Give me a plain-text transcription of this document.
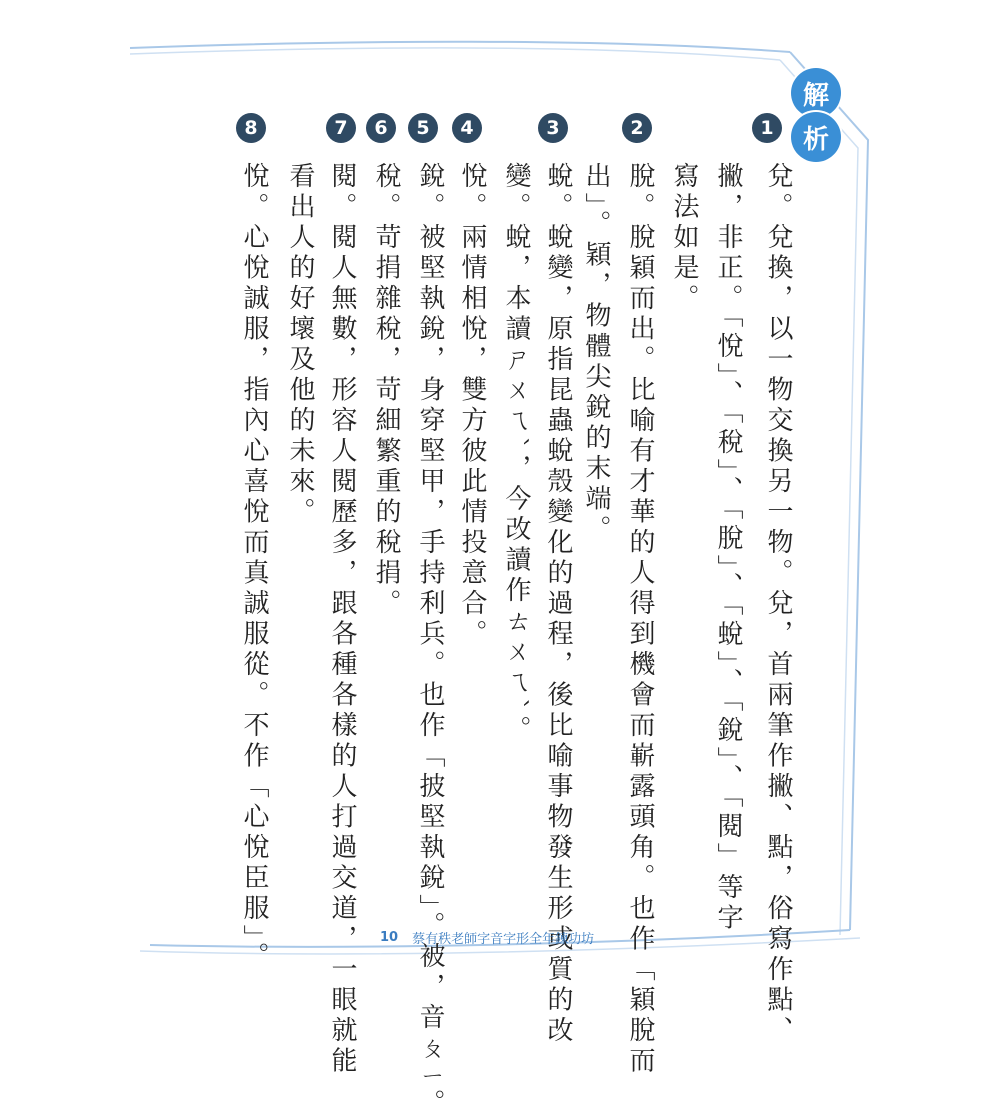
解
析
1
兌。兌換，以一物交換另一物。兌，首兩筆作撇、點，俗寫作點、
撇，非正。「悅」、「稅」、「脫」、「蛻」、「銳」、「閱」等字
寫法如是。
2
脫。脫穎而出。比喻有才華的人得到機會而嶄露頭角。也作「穎脫而
出」。穎，物體尖銳的末端。
3
蛻。蛻變，原指昆蟲蛻殼變化的過程，後比喻事物發生形或質的改
變。蛻，本讀ㄕㄨㄟˋ，今改讀作ㄊㄨㄟˋ。
4
悅。兩情相悅，雙方彼此情投意合。
5
銳。被堅執銳，身穿堅甲，手持利兵。也作「披堅執銳」。被，音ㄆㄧ。
6
稅。苛捐雜稅，苛細繁重的稅捐。
7
閱。閱人無數，形容人閱歷多，跟各種各樣的人打過交道，一眼就能
看出人的好壞及他的未來。
8
悅。心悅誠服，指內心喜悅而真誠服從。不作「心悅臣服」。	10 蔡有秩老師字音字形全年鍊功坊
